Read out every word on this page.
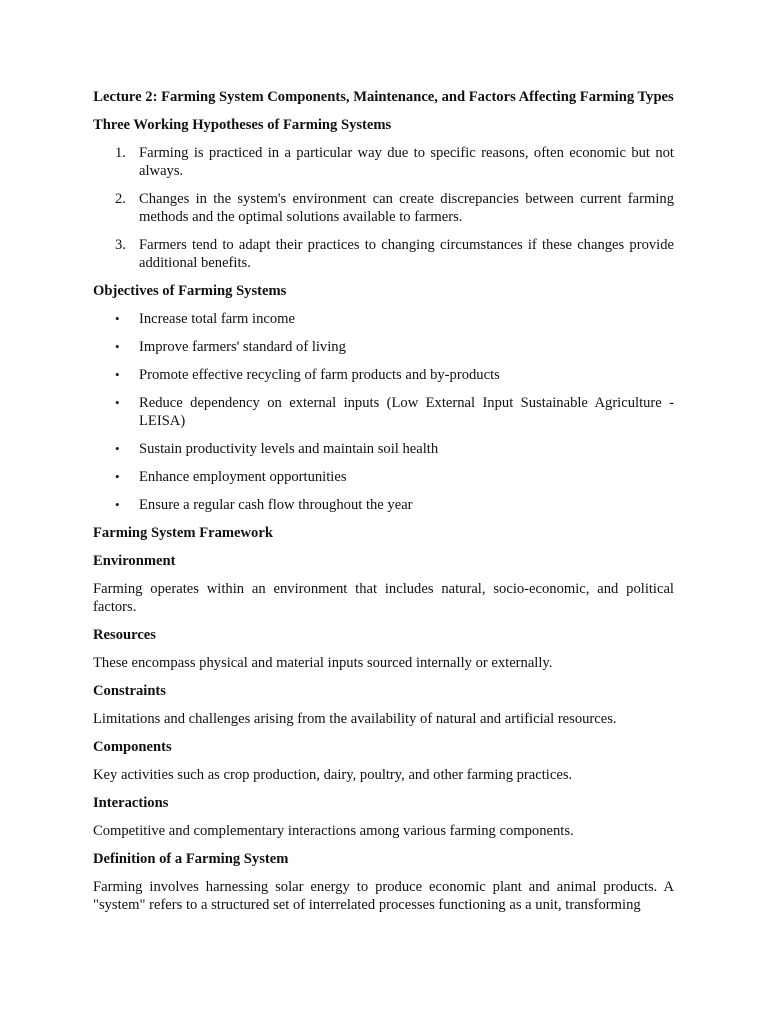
Lecture 2: Farming System Components, Maintenance, and Factors Affecting Farming Types
Three Working Hypotheses of Farming Systems
1. Farming is practiced in a particular way due to specific reasons, often economic but not always.
2. Changes in the system's environment can create discrepancies between current farming methods and the optimal solutions available to farmers.
3. Farmers tend to adapt their practices to changing circumstances if these changes provide additional benefits.
Objectives of Farming Systems
•	Increase total farm income
•	Improve farmers' standard of living
•	Promote effective recycling of farm products and by-products
•	Reduce dependency on external inputs (Low External Input Sustainable Agriculture - LEISA)
•	Sustain productivity levels and maintain soil health
•	Enhance employment opportunities
•	Ensure a regular cash flow throughout the year
Farming System Framework
Environment

Farming operates within an environment that includes natural, socio-economic, and political factors.

Resources

These encompass physical and material inputs sourced internally or externally.

Constraints

Limitations and challenges arising from the availability of natural and artificial resources.

Components

Key activities such as crop production, dairy, poultry, and other farming practices.

Interactions

Competitive and complementary interactions among various farming components.

Definition of a Farming System

Farming involves harnessing solar energy to produce economic plant and animal products. A "system" refers to a structured set of interrelated processes functioning as a unit, transforming
